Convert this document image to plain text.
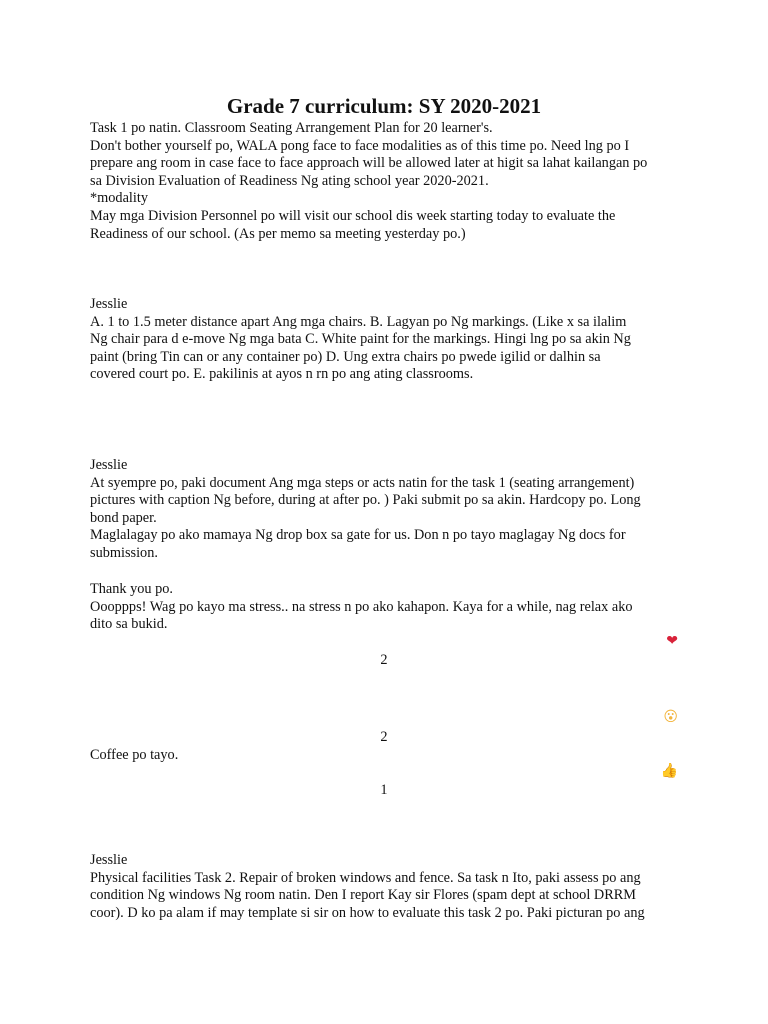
Grade 7 curriculum: SY 2020-2021

Task 1 po natin. Classroom Seating Arrangement Plan for 20 learner's.

Don't bother yourself po, WALA pong face to face modalities as of this time po. Need lng po I

prepare ang room in case face to face approach will be allowed later at higit sa lahat kailangan po

sa Division Evaluation of Readiness Ng ating school year 2020-2021.

*modality

May mga Division Personnel po will visit our school dis week starting today to evaluate the

Readiness of our school. (As per memo sa meeting yesterday po.)

Jesslie

A. 1 to 1.5 meter distance apart Ang mga chairs. B. Lagyan po Ng markings. (Like x sa ilalim

Ng chair para d e-move Ng mga bata C. White paint for the markings. Hingi lng po sa akin Ng

paint (bring Tin can or any container po) D. Ung extra chairs po pwede igilid or dalhin sa

covered court po. E. pakilinis at ayos n rn po ang ating classrooms.

Jesslie

At syempre po, paki document Ang mga steps or acts natin for the task 1 (seating arrangement)

pictures with caption Ng before, during at after po. ) Paki submit po sa akin. Hardcopy po. Long

bond paper.

Maglalagay po ako mamaya Ng drop box sa gate for us. Don n po tayo maglagay Ng docs for

submission.

Thank you po.

Oooppps! Wag po kayo ma stress.. na stress n po ako kahapon. Kaya for a while, nag relax ako

dito sa bukid.

❤
2
😮
2

Coffee po tayo.

👍
1

Jesslie

Physical facilities Task 2. Repair of broken windows and fence. Sa task n Ito, paki assess po ang

condition Ng windows Ng room natin. Den I report Kay sir Flores (spam dept at school DRRM

coor). D ko pa alam if may template si sir on how to evaluate this task 2 po. Paki picturan po ang
